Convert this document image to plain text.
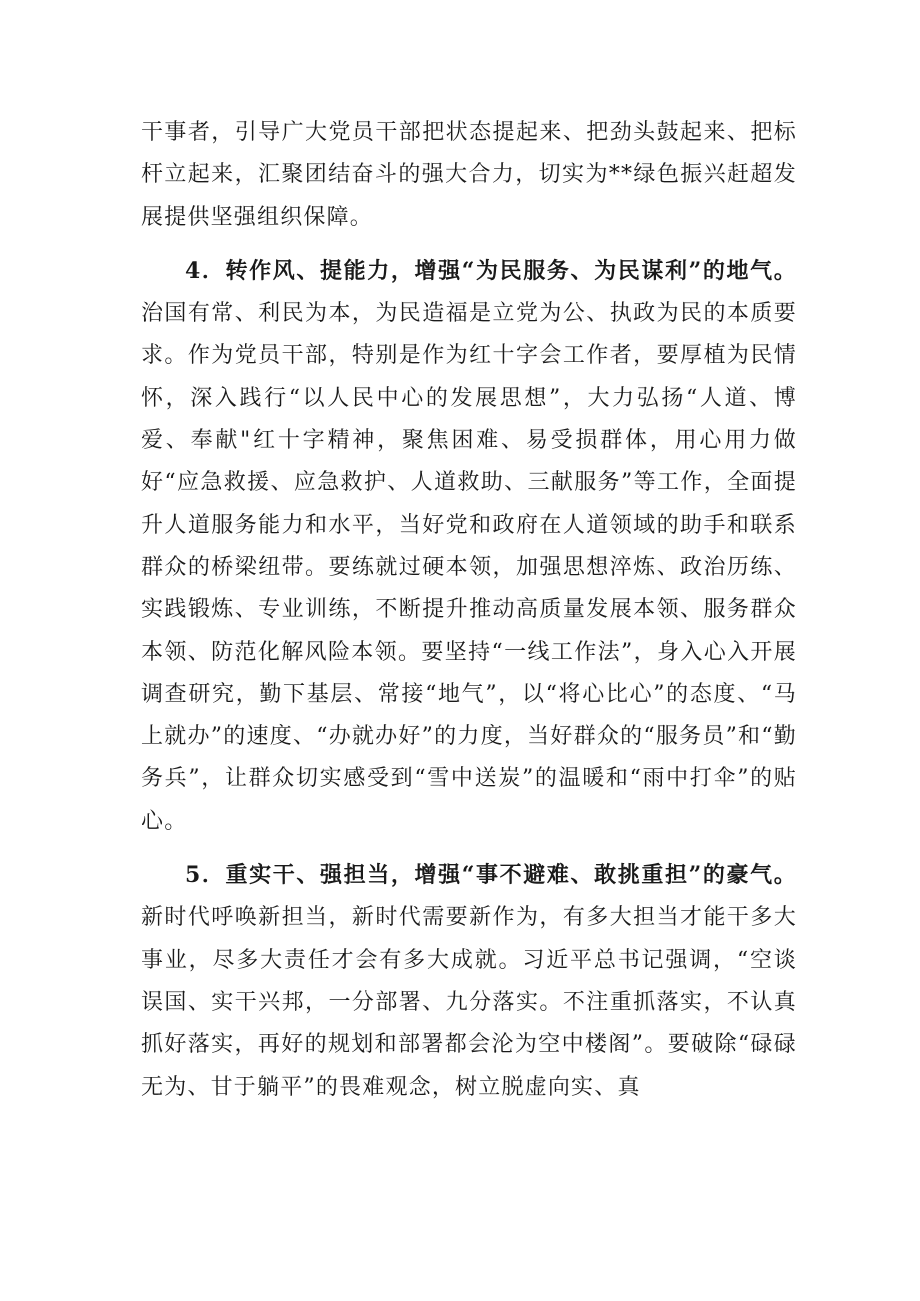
干事者，引导广大党员干部把状态提起来、把劲头鼓起来、把标杆立起来，汇聚团结奋斗的强大合力，切实为**绿色振兴赶超发展提供坚强组织保障。

4．转作风、提能力，增强“为民服务、为民谋利”的地气。治国有常、利民为本，为民造福是立党为公、执政为民的本质要求。作为党员干部，特别是作为红十字会工作者，要厚植为民情怀，深入践行“以人民中心的发展思想”，大力弘扬“人道、博爱、奉献"红十字精神，聚焦困难、易受损群体，用心用力做好“应急救援、应急救护、人道救助、三献服务”等工作，全面提升人道服务能力和水平，当好党和政府在人道领域的助手和联系群众的桥梁纽带。要练就过硬本领，加强思想淬炼、政治历练、实践锻炼、专业训练，不断提升推动高质量发展本领、服务群众本领、防范化解风险本领。要坚持“一线工作法”，身入心入开展调查研究，勤下基层、常接“地气”，以“将心比心”的态度、“马上就办”的速度、“办就办好”的力度，当好群众的“服务员”和“勤务兵”，让群众切实感受到“雪中送炭”的温暖和“雨中打伞”的贴心。

5．重实干、强担当，增强“事不避难、敢挑重担”的豪气。新时代呼唤新担当，新时代需要新作为，有多大担当才能干多大事业，尽多大责任才会有多大成就。习近平总书记强调，“空谈误国、实干兴邦，一分部署、九分落实。不注重抓落实，不认真抓好落实，再好的规划和部署都会沦为空中楼阁”。要破除“碌碌无为、甘于躺平”的畏难观念，树立脱虚向实、真
